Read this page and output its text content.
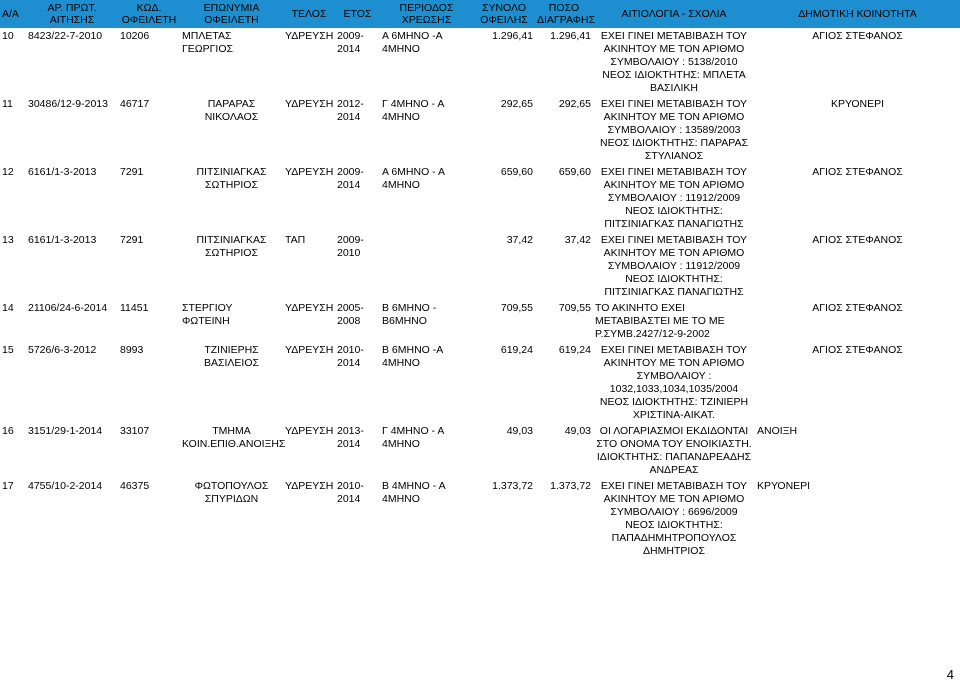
Α/Α	ΑΡ. ΠΡΩΤ. ΑΙΤΗΣΗΣ	ΚΩΔ. ΟΦΕΙΛΕΤΗ	ΕΠΩΝΥΜΙΑ ΟΦΕΙΛΕΤΗ	ΤΕΛΟΣ	ΕΤΟΣ	ΠΕΡΙΟΔΟΣ ΧΡΕΩΣΗΣ	ΣΥΝΟΛΟ ΟΦΕΙΛΗΣ	ΠΟΣΟ ΔΙΑΓΡΑΦΗΣ	ΑΙΤΙΟΛΟΓΙΑ - ΣΧΟΛΙΑ	ΔΗΜΟΤΙΚΗ ΚΟΙΝΟΤΗΤΑ
10	8423/22-7-2010	10206	ΜΠΛΕΤΑΣ ΓΕΩΡΓΙΟΣ	ΥΔΡΕΥΣΗ	2009-2014	Α 6ΜΗΝΟ -Α 4ΜΗΝΟ	1.296,41	1.296,41	ΕΧΕΙ ΓΙΝΕΙ ΜΕΤΑΒΙΒΑΣΗ ΤΟΥ ΑΚΙΝΗΤΟΥ ΜΕ ΤΟΝ ΑΡΙΘΜΟ ΣΥΜΒΟΛΑΙΟΥ : 5138/2010 ΝΕΟΣ ΙΔΙΟΚΤΗΤΗΣ: ΜΠΛΕΤΑ ΒΑΣΙΛΙΚΗ	ΑΓΙΟΣ ΣΤΕΦΑΝΟΣ
11	30486/12-9-2013	46717	ΠΑΡΑΡΑΣ ΝΙΚΟΛΑΟΣ	ΥΔΡΕΥΣΗ	2012-2014	Γ 4ΜΗΝΟ - Α 4ΜΗΝΟ	292,65	292,65	ΕΧΕΙ ΓΙΝΕΙ ΜΕΤΑΒΙΒΑΣΗ ΤΟΥ ΑΚΙΝΗΤΟΥ ΜΕ ΤΟΝ ΑΡΙΘΜΟ ΣΥΜΒΟΛΑΙΟΥ : 13589/2003 ΝΕΟΣ ΙΔΙΟΚΤΗΤΗΣ: ΠΑΡΑΡΑΣ ΣΤΥΛΙΑΝΟΣ	ΚΡΥΟΝΕΡΙ
12	6161/1-3-2013	7291	ΠΙΤΣΙΝΙΑΓΚΑΣ ΣΩΤΗΡΙΟΣ	ΥΔΡΕΥΣΗ	2009-2014	Α 6ΜΗΝΟ - Α 4ΜΗΝΟ	659,60	659,60	ΕΧΕΙ ΓΙΝΕΙ ΜΕΤΑΒΙΒΑΣΗ ΤΟΥ ΑΚΙΝΗΤΟΥ ΜΕ ΤΟΝ ΑΡΙΘΜΟ ΣΥΜΒΟΛΑΙΟΥ : 11912/2009 ΝΕΟΣ ΙΔΙΟΚΤΗΤΗΣ: ΠΙΤΣΙΝΙΑΓΚΑΣ ΠΑΝΑΓΙΩΤΗΣ	ΑΓΙΟΣ ΣΤΕΦΑΝΟΣ
13	6161/1-3-2013	7291	ΠΙΤΣΙΝΙΑΓΚΑΣ ΣΩΤΗΡΙΟΣ	ΤΑΠ	2009-2010		37,42	37,42	ΕΧΕΙ ΓΙΝΕΙ ΜΕΤΑΒΙΒΑΣΗ ΤΟΥ ΑΚΙΝΗΤΟΥ ΜΕ ΤΟΝ ΑΡΙΘΜΟ ΣΥΜΒΟΛΑΙΟΥ : 11912/2009 ΝΕΟΣ ΙΔΙΟΚΤΗΤΗΣ: ΠΙΤΣΙΝΙΑΓΚΑΣ ΠΑΝΑΓΙΩΤΗΣ	ΑΓΙΟΣ ΣΤΕΦΑΝΟΣ
14	21106/24-6-2014	11451	ΣΤΕΡΓΙΟΥ ΦΩΤΕΙΝΗ	ΥΔΡΕΥΣΗ	2005-2008	Β 6ΜΗΝΟ - Β6ΜΗΝΟ	709,55	709,55	ΤΟ ΑΚΙΝΗΤΟ ΕΧΕΙ ΜΕΤΑΒΙΒΑΣΤΕΙ ΜΕ ΤΟ ΜΕ Ρ.ΣΥΜΒ.2427/12-9-2002	ΑΓΙΟΣ ΣΤΕΦΑΝΟΣ
15	5726/6-3-2012	8993	ΤΖΙΝΙΕΡΗΣ ΒΑΣΙΛΕΙΟΣ	ΥΔΡΕΥΣΗ	2010-2014	Β 6ΜΗΝΟ -Α 4ΜΗΝΟ	619,24	619,24	ΕΧΕΙ ΓΙΝΕΙ ΜΕΤΑΒΙΒΑΣΗ ΤΟΥ ΑΚΙΝΗΤΟΥ ΜΕ ΤΟΝ ΑΡΙΘΜΟ ΣΥΜΒΟΛΑΙΟΥ : 1032,1033,1034,1035/2004 ΝΕΟΣ ΙΔΙΟΚΤΗΤΗΣ: ΤΖΙΝΙΕΡΗ ΧΡΙΣΤΙΝΑ-ΑΙΚΑΤ.	ΑΓΙΟΣ ΣΤΕΦΑΝΟΣ
16	3151/29-1-2014	33107	ΤΜΗΜΑ ΚΟΙΝ.ΕΠΙΘ.ΑΝΟΙΞΗΣ	ΥΔΡΕΥΣΗ	2013-2014	Γ 4ΜΗΝΟ - Α 4ΜΗΝΟ	49,03	49,03	ΟΙ ΛΟΓΑΡΙΑΣΜΟΙ ΕΚΔΙΔΟΝΤΑΙ ΣΤΟ ΟΝΟΜΑ ΤΟΥ ΕΝΟΙΚΙΑΣΤΗ. ΙΔΙΟΚΤΗΤΗΣ: ΠΑΠΑΝΔΡΕΑΔΗΣ ΑΝΔΡΕΑΣ	ΑΝΟΙΞΗ
17	4755/10-2-2014	46375	ΦΩΤΟΠΟΥΛΟΣ ΣΠΥΡΙΔΩΝ	ΥΔΡΕΥΣΗ	2010-2014	Β 4ΜΗΝΟ - Α 4ΜΗΝΟ	1.373,72	1.373,72	ΕΧΕΙ ΓΙΝΕΙ ΜΕΤΑΒΙΒΑΣΗ ΤΟΥ ΑΚΙΝΗΤΟΥ ΜΕ ΤΟΝ ΑΡΙΘΜΟ ΣΥΜΒΟΛΑΙΟΥ : 6696/2009 ΝΕΟΣ ΙΔΙΟΚΤΗΤΗΣ: ΠΑΠΑΔΗΜΗΤΡΟΠΟΥΛΟΣ ΔΗΜΗΤΡΙΟΣ	ΚΡΥΟΝΕΡΙ
4
